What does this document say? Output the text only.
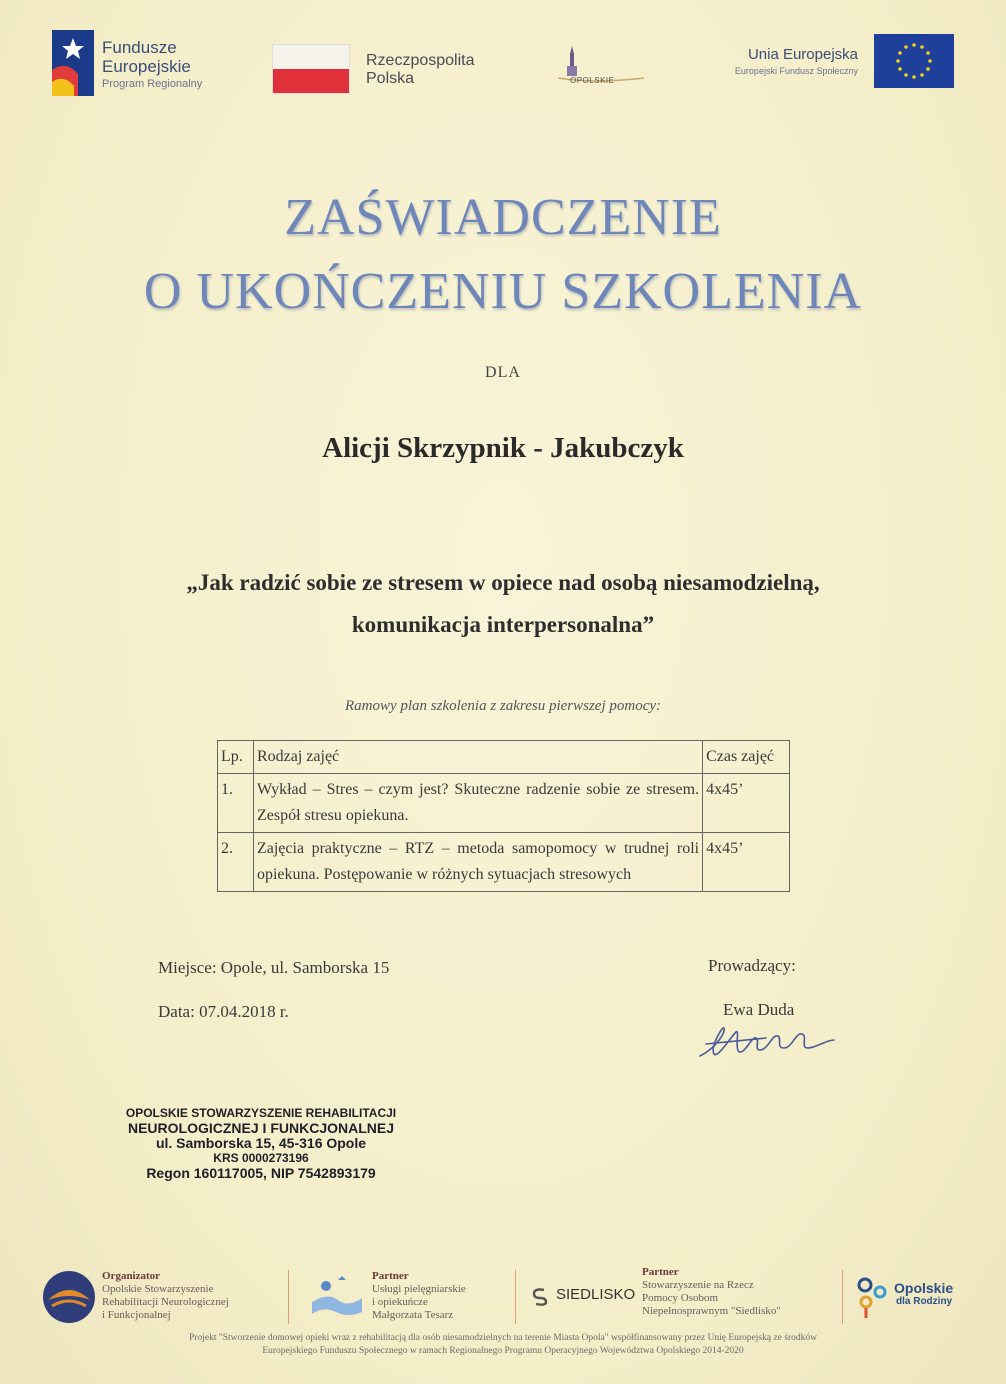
Fundusze
Europejskie
Program Regionalny
Rzeczpospolita
Polska	OPOLSKIE
Unia Europejska
Europejski Fundusz Społeczny
ZAŚWIADCZENIE
O UKOŃCZENIU SZKOLENIA
DLA
Alicji Skrzypnik - Jakubczyk
„Jak radzić sobie ze stresem w opiece nad osobą niesamodzielną,
komunikacja interpersonalna”
Ramowy plan szkolenia z zakresu pierwszej pomocy:
Lp.	Rodzaj zajęć	Czas zajęć
1.	Wykład – Stres – czym jest? Skuteczne radzenie sobie ze stresem. Zespół stresu opiekuna.	4x45’
2.	Zajęcia praktyczne – RTZ – metoda samopomocy w trudnej roli opiekuna. Postępowanie w różnych sytuacjach stresowych	4x45’
Miejsce: Opole, ul. Samborska 15
Data: 07.04.2018 r.
Prowadzący:
Ewa Duda
OPOLSKIE STOWARZYSZENIE REHABILITACJI
NEUROLOGICZNEJ I FUNKCJONALNEJ
ul. Samborska 15, 45-316 Opole
KRS 0000273196
Regon 160117005, NIP 7542893179
Organizator
Opolskie Stowarzyszenie
Rehabilitacji Neurologicznej
i Funkcjonalnej
Partner
Usługi pielęgniarskie
i opiekuńcze
Małgorzata Tesarz
SIEDLISKO
Partner
Stowarzyszenie na Rzecz
Pomocy Osobom
Niepełnosprawnym "Siedlisko"
Opolskie
dla Rodziny
Projekt "Stworzenie domowej opieki wraz z rehabilitacją dla osób niesamodzielnych na terenie Miasta Opola" współfinansowany przez Unię Europejską ze środków
Europejskiego Funduszu Społecznego w ramach Regionalnego Programu Operacyjnego Województwa Opolskiego 2014-2020
